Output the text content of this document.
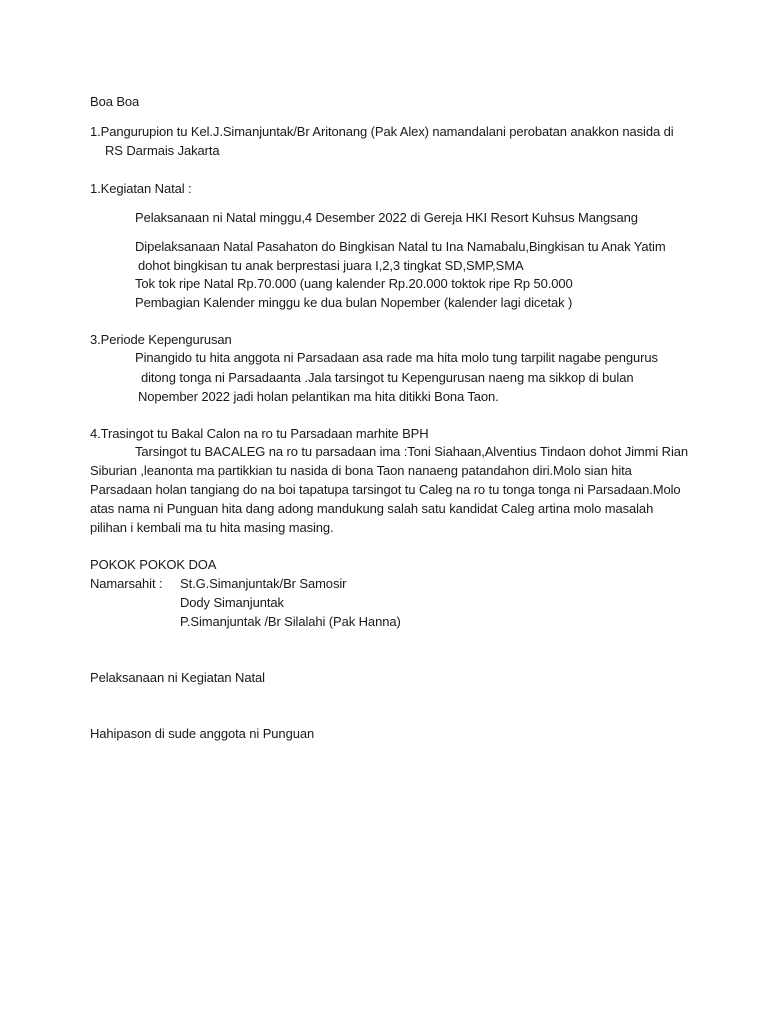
Boa Boa
1.Pangurupion tu Kel.J.Simanjuntak/Br Aritonang (Pak Alex) namandalani perobatan anakkon nasida di
RS Darmais Jakarta
1.Kegiatan Natal :
Pelaksanaan ni Natal minggu,4 Desember 2022 di Gereja HKI Resort Kuhsus Mangsang
Dipelaksanaan Natal Pasahaton do Bingkisan Natal tu Ina Namabalu,Bingkisan tu Anak Yatim
dohot bingkisan tu anak berprestasi juara I,2,3 tingkat SD,SMP,SMA
Tok tok ripe Natal Rp.70.000 (uang kalender Rp.20.000 toktok ripe Rp 50.000
Pembagian Kalender minggu ke dua bulan Nopember (kalender lagi dicetak )
3.Periode Kepengurusan
Pinangido tu hita anggota ni Parsadaan asa rade ma hita molo tung tarpilit nagabe pengurus
ditong tonga ni Parsadaanta .Jala tarsingot tu Kepengurusan naeng ma sikkop di bulan
Nopember 2022 jadi holan pelantikan ma hita ditikki Bona Taon.
4.Trasingot tu Bakal Calon na ro tu Parsadaan marhite BPH
Tarsingot tu BACALEG na ro tu parsadaan ima :Toni Siahaan,Alventius Tindaon dohot Jimmi Rian
Siburian ,leanonta ma partikkian tu nasida di bona Taon nanaeng patandahon diri.Molo sian hita
Parsadaan holan tangiang do na boi tapatupa tarsingot tu Caleg na ro tu tonga tonga ni Parsadaan.Molo
atas nama ni Punguan hita dang adong mandukung salah satu kandidat Caleg artina molo masalah
pilihan i kembali ma tu hita masing masing.
POKOK POKOK DOA
Namarsahit : St.G.Simanjuntak/Br Samosir
Dody Simanjuntak
P.Simanjuntak /Br Silalahi (Pak Hanna)
Pelaksanaan ni Kegiatan Natal
Hahipason di sude anggota ni Punguan
